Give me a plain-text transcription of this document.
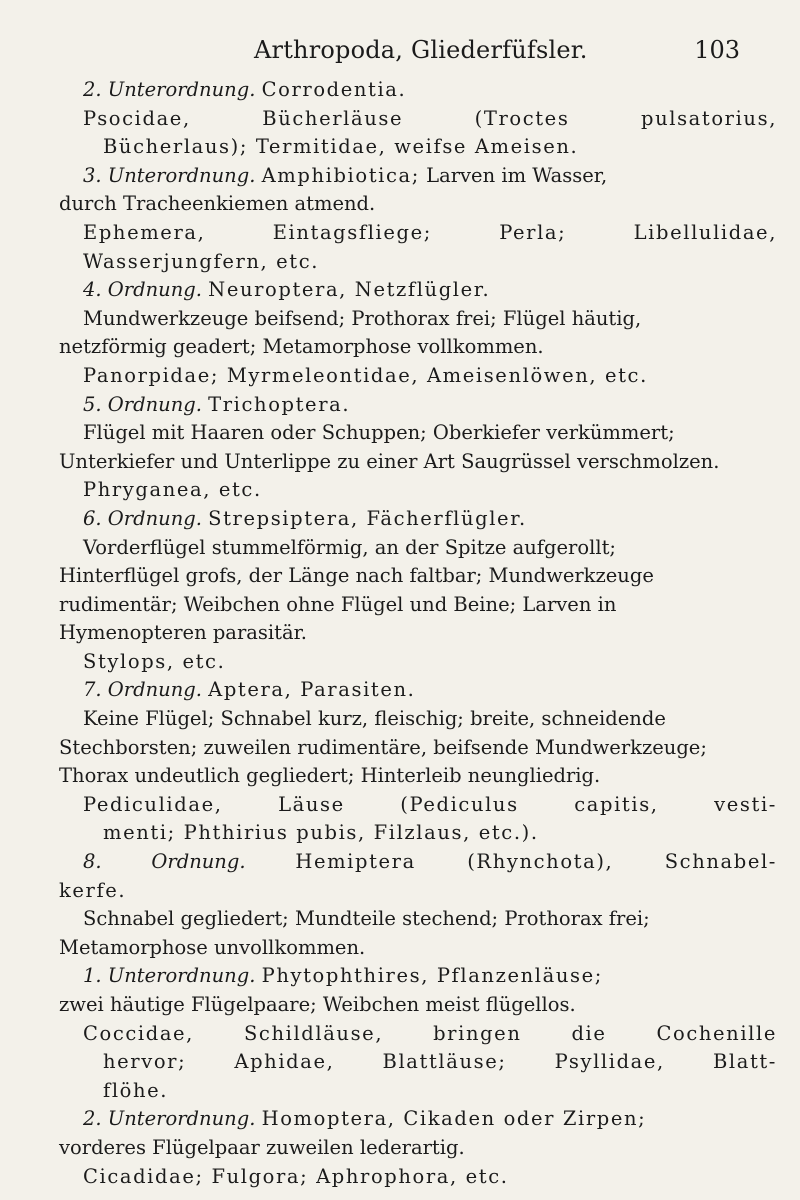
Arthropoda, Gliederfüfsler.	103
2. Unterordnung. Corrodentia.
Psocidae, Bücherläuse (Troctes pulsatorius,
Bücherlaus); Termitidae, weifse Ameisen.
3. Unterordnung. Amphibiotica; Larven im Wasser,
durch Tracheenkiemen atmend.
Ephemera, Eintagsfliege; Perla; Libellulidae,
Wasserjungfern, etc.
4. Ordnung. Neuroptera, Netzflügler.
Mundwerkzeuge beifsend; Prothorax frei; Flügel häutig,
netzförmig geadert; Metamorphose vollkommen.
Panorpidae; Myrmeleontidae, Ameisenlöwen, etc.
5. Ordnung. Trichoptera.
Flügel mit Haaren oder Schuppen; Oberkiefer verkümmert;
Unterkiefer und Unterlippe zu einer Art Saugrüssel verschmolzen.
Phryganea, etc.
6. Ordnung. Strepsiptera, Fächerflügler.
Vorderflügel stummelförmig, an der Spitze aufgerollt;
Hinterflügel grofs, der Länge nach faltbar; Mundwerkzeuge
rudimentär; Weibchen ohne Flügel und Beine; Larven in
Hymenopteren parasitär.
Stylops, etc.
7. Ordnung. Aptera, Parasiten.
Keine Flügel; Schnabel kurz, fleischig; breite, schneidende
Stechborsten; zuweilen rudimentäre, beifsende Mundwerkzeuge;
Thorax undeutlich gegliedert; Hinterleib neungliedrig.
Pediculidae, Läuse (Pediculus capitis, vesti-
menti; Phthirius pubis, Filzlaus, etc.).
8. Ordnung.	Hemiptera (Rhynchota), Schnabel-
kerfe.
Schnabel gegliedert; Mundteile stechend; Prothorax frei;
Metamorphose unvollkommen.
1. Unterordnung. Phytophthires, Pflanzenläuse;
zwei häutige Flügelpaare; Weibchen meist flügellos.
Coccidae, Schildläuse, bringen die Cochenille
hervor; Aphidae, Blattläuse; Psyllidae, Blatt-
flöhe.
2. Unterordnung. Homoptera, Cikaden oder Zirpen;
vorderes Flügelpaar zuweilen lederartig.
Cicadidae; Fulgora; Aphrophora, etc.
